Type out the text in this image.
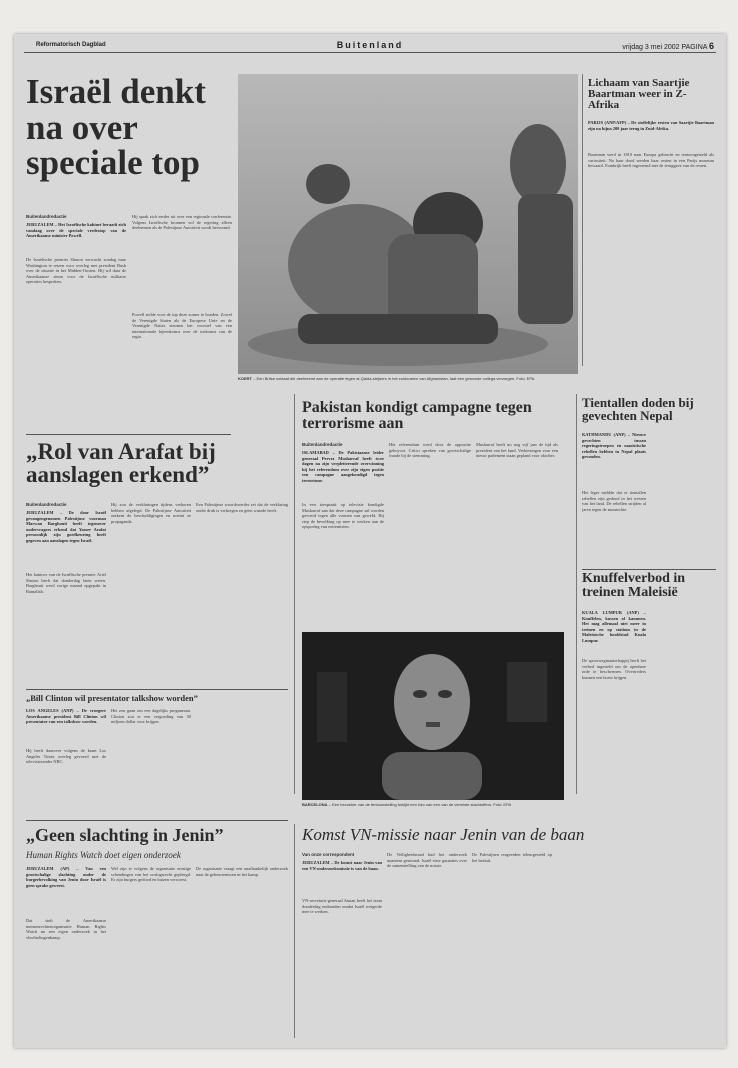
Reformatorisch Dagblad	Buitenland	vrijdag 3 mei 2002 PAGINA 6
Israël denkt na over speciale top
Buitenlandredactie
JERUZALEM – Het Israëlische kabinet beraadt zich vandaag over de speciale vredestop van de Amerikaanse minister Powell.
De Israëlische premier Sharon verwacht zondag naar Washington te reizen voor overleg met president Bush over de situatie in het Midden-Oosten. Hij wil daar de Amerikaanse steun voor de Israëlische militaire operaties bespreken.
Hij sprak zich eerder uit over een regionale conferentie. Volgens Israëlische bronnen wil de regering alleen deelnemen als de Palestijnse Autoriteit wordt hervormd.
Powell stelde voor de top deze zomer te houden. Zowel de Verenigde Staten als de Europese Unie en de Verenigde Naties steunen het voorstel van een internationale bijeenkomst over de toekomst van de regio.
KOERT – Een Britse soldaat die deelneemt aan de operatie tegen al-Qaida-strijders in het zuidoosten van Afghanistan, laat een gewonde collega verzorgen. Foto: EPA
Lichaam van Saartjie Baartman weer in Z-Afrika
PARIJS (ANP/AFP) – De stoffelijke resten van Saartjie Baartman zijn na bijna 200 jaar terug in Zuid-Afrika.
Baartman werd in 1810 naar Europa gebracht en tentoongesteld als curiositeit. Na haar dood werden haar resten in een Parijs museum bewaard. Frankrijk heeft ingestemd met de teruggave van de resten.
„Rol van Arafat bij aanslagen erkend”
Buitenlandredactie
JERUZALEM – De door Israël gevangengenomen Palestijnse voorman Marwan Barghouti heeft tegenover ondervragers erkend dat Yasser Arafat persoonlijk zijn goedkeuring heeft gegeven aan aanslagen tegen Israël.
Het kantoor van de Israëlische premier Ariel Sharon heeft dat donderdag laten weten. Barghouti werd vorige maand opgepakt in Ramallah.
Hij zou de verklaringen tijdens verhoren hebben afgelegd. De Palestijnse Autoriteit ontkent de beschuldigingen en noemt ze propaganda.
Een Palestijnse woordvoerder zei dat de verklaring onder druk is verkregen en geen waarde heeft.
„Bill Clinton wil presentator talkshow worden”
LOS ANGELES (ANP) – De vroegere Amerikaanse president Bill Clinton wil presentator van een talkshow worden.
Hij heeft daarover volgens de krant Los Angeles Times overleg gevoerd met de televisiezender NBC.
Het zou gaan om een dagelijks programma. Clinton zou er een vergoeding van 50 miljoen dollar voor krijgen.
Pakistan kondigt campagne tegen terrorisme aan
Buitenlandredactie
ISLAMABAD – De Pakistaanse leider generaal Pervez Musharraf heeft twee dagen na zijn verpletterende overwinning bij het referendum over zijn eigen positie een campagne aangekondigd tegen terrorisme.
In een toespraak op televisie kondigde Musharraf aan dat deze campagne zal worden gevoerd tegen alle vormen van geweld. Hij riep de bevolking op mee te werken aan de opsporing van extremisten.
Het referendum werd door de oppositie geboycot. Critici spreken van grootschalige fraude bij de stemming.
Musharraf heeft nu nog vijf jaar de tijd als president van het land. Verkiezingen voor een nieuw parlement staan gepland voor oktober.
BARCELONA – Een bezoeker van de tentoonstelling bekijkt een foto van een van de vermiste slachtoffers. Foto: EPA
Tientallen doden bij gevechten Nepal
KATHMANDU (ANP) – Nieuwe gevechten tussen regeringstroepen en maoïstische rebellen hebben in Nepal plaats gevonden.
Het leger meldde dat er tientallen rebellen zijn gedood in het westen van het land. De rebellen strijden al jaren tegen de monarchie.
Knuffelverbod in treinen Maleisië
KUALA LUMPUR (ANP) – Knuffelen, kussen of kammen. Het mag allemaal niet meer in treinen en op stations in de Maleisische hoofdstad Kuala Lumpur.
De spoorwegmaatschappij heeft het verbod ingesteld om de openbare orde te beschermen. Overtreders kunnen een boete krijgen.
„Geen slachting in Jenin”
Human Rights Watch doet eigen onderzoek
JERUZALEM (AP) – Van een grootschalige slachting onder de burgerbevolking van Jenin door Israël is geen sprake geweest.
Dat stelt de Amerikaanse mensenrechtenorganisatie Human Rights Watch na een eigen onderzoek in het vluchtelingenkamp.
Wel zijn er volgens de organisatie ernstige schendingen van het oorlogsrecht gepleegd. Er zijn burgers gedood en huizen verwoest.
De organisatie vraagt een onafhankelijk onderzoek naar de gebeurtenissen in het kamp.
Komst VN-missie naar Jenin van de baan
Van onze correspondent
JERUZALEM – De komst naar Jenin van een VN-onderzoeksmissie is van de baan.
VN-secretaris-generaal Annan heeft het team donderdag ontbonden omdat Israël weigerde mee te werken.
De Veiligheidsraad had het onderzoek unaniem gesteund. Israël eiste garanties over de samenstelling van de missie.
De Palestijnen reageerden teleurgesteld op het besluit.
